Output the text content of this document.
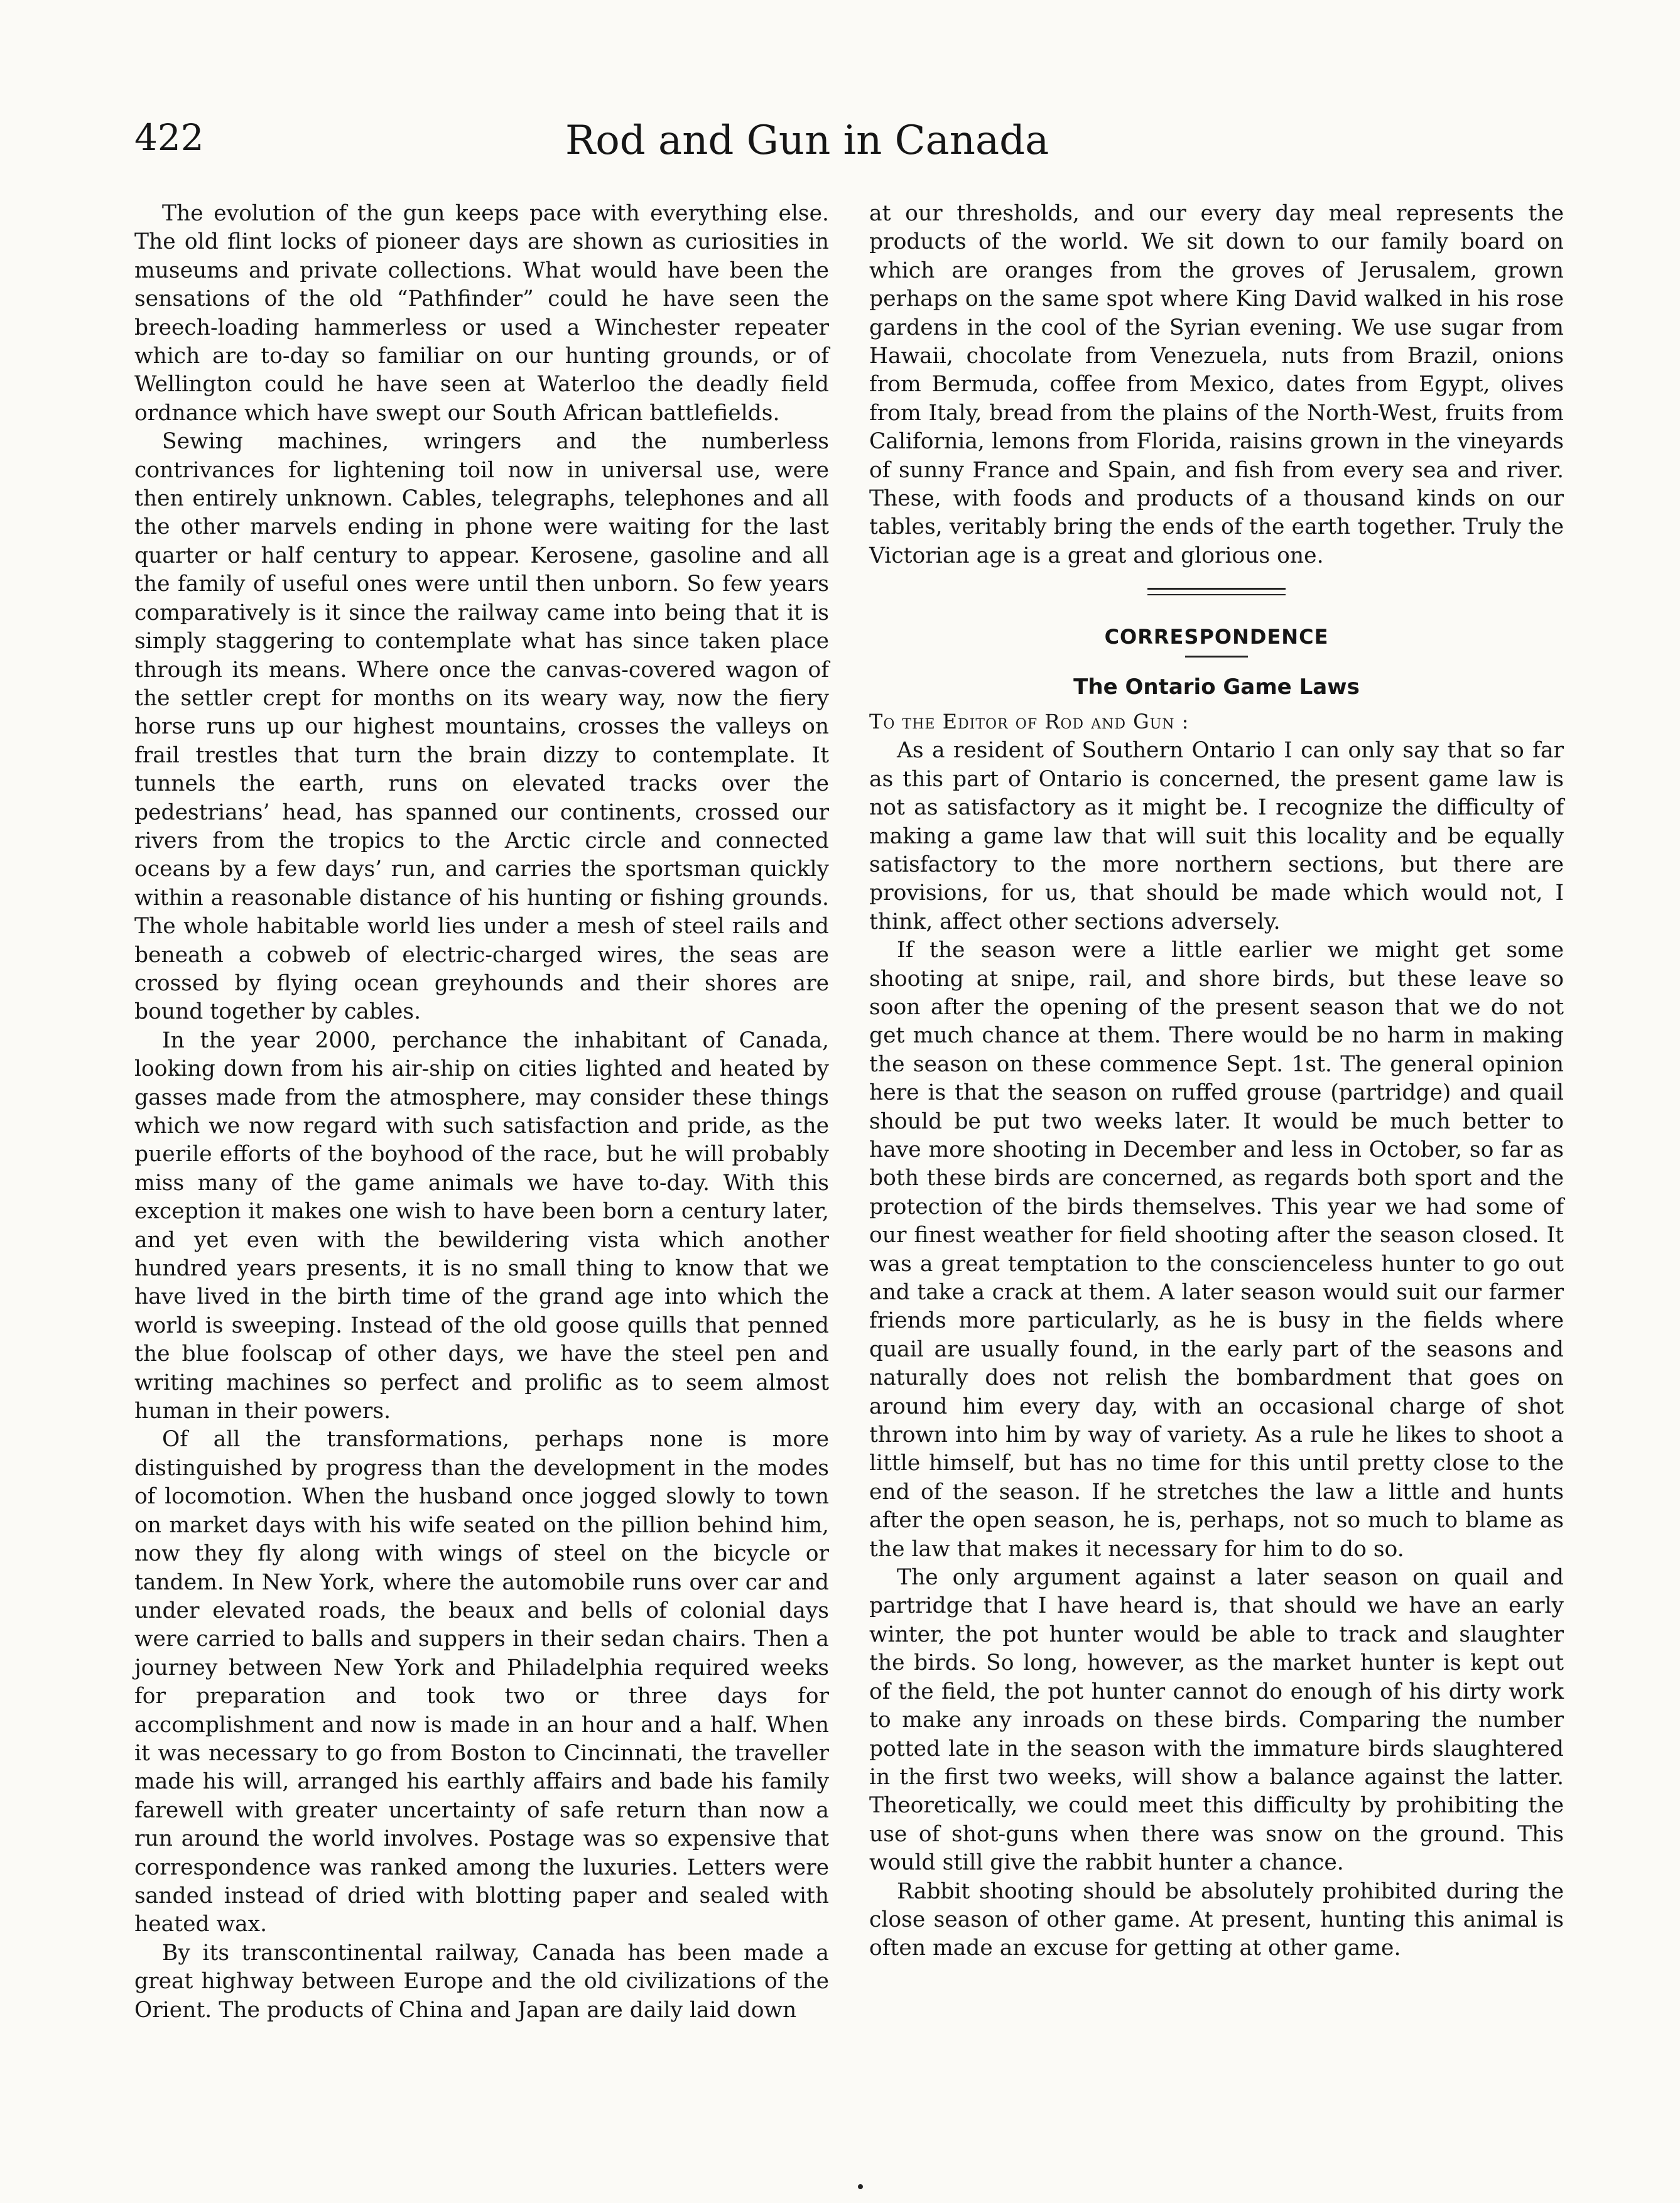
422	Rod and Gun in Canada

The evolution of the gun keeps pace with everything else. The old flint locks of pioneer days are shown as curiosities in museums and private collections. What would have been the sensations of the old “Pathfinder” could he have seen the breech-loading hammerless or used a Winchester repeater which are to-day so familiar on our hunting grounds, or of Wellington could he have seen at Waterloo the deadly field ordnance which have swept our South African battlefields.

Sewing machines, wringers and the numberless contrivances for lightening toil now in universal use, were then entirely unknown. Cables, telegraphs, telephones and all the other marvels ending in phone were waiting for the last quarter or half century to appear. Kerosene, gasoline and all the family of useful ones were until then unborn. So few years comparatively is it since the railway came into being that it is simply staggering to contemplate what has since taken place through its means. Where once the canvas-covered wagon of the settler crept for months on its weary way, now the fiery horse runs up our highest mountains, crosses the valleys on frail trestles that turn the brain dizzy to contemplate. It tunnels the earth, runs on elevated tracks over the pedestrians’ head, has spanned our continents, crossed our rivers from the tropics to the Arctic circle and connected oceans by a few days’ run, and carries the sportsman quickly within a reasonable distance of his hunting or fishing grounds. The whole habitable world lies under a mesh of steel rails and beneath a cobweb of electric-charged wires, the seas are crossed by flying ocean greyhounds and their shores are bound together by cables.

In the year 2000, perchance the inhabitant of Canada, looking down from his air-ship on cities lighted and heated by gasses made from the atmosphere, may consider these things which we now regard with such satisfaction and pride, as the puerile efforts of the boyhood of the race, but he will probably miss many of the game animals we have to-day. With this exception it makes one wish to have been born a century later, and yet even with the bewildering vista which another hundred years presents, it is no small thing to know that we have lived in the birth time of the grand age into which the world is sweeping. Instead of the old goose quills that penned the blue foolscap of other days, we have the steel pen and writing machines so perfect and prolific as to seem almost human in their powers.

Of all the transformations, perhaps none is more distinguished by progress than the development in the modes of locomotion. When the husband once jogged slowly to town on market days with his wife seated on the pillion behind him, now they fly along with wings of steel on the bicycle or tandem. In New York, where the automobile runs over car and under elevated roads, the beaux and bells of colonial days were carried to balls and suppers in their sedan chairs. Then a journey between New York and Philadelphia required weeks for preparation and took two or three days for accomplishment and now is made in an hour and a half. When it was necessary to go from Boston to Cincinnati, the traveller made his will, arranged his earthly affairs and bade his family farewell with greater uncertainty of safe return than now a run around the world involves. Postage was so expensive that correspondence was ranked among the luxuries. Letters were sanded instead of dried with blotting paper and sealed with heated wax.

By its transcontinental railway, Canada has been made a great highway between Europe and the old civilizations of the Orient. The products of China and Japan are daily laid down

at our thresholds, and our every day meal represents the products of the world. We sit down to our family board on which are oranges from the groves of Jerusalem, grown perhaps on the same spot where King David walked in his rose gardens in the cool of the Syrian evening. We use sugar from Hawaii, chocolate from Venezuela, nuts from Brazil, onions from Bermuda, coffee from Mexico, dates from Egypt, olives from Italy, bread from the plains of the North-West, fruits from California, lemons from Florida, raisins grown in the vineyards of sunny France and Spain, and fish from every sea and river. These, with foods and products of a thousand kinds on our tables, veritably bring the ends of the earth together. Truly the Victorian age is a great and glorious one.

CORRESPONDENCE
The Ontario Game Laws
To the Editor of Rod and Gun :

As a resident of Southern Ontario I can only say that so far as this part of Ontario is concerned, the present game law is not as satisfactory as it might be. I recognize the difficulty of making a game law that will suit this locality and be equally satisfactory to the more northern sections, but there are provisions, for us, that should be made which would not, I think, affect other sections adversely.

If the season were a little earlier we might get some shooting at snipe, rail, and shore birds, but these leave so soon after the opening of the present season that we do not get much chance at them. There would be no harm in making the season on these commence Sept. 1st. The general opinion here is that the season on ruffed grouse (partridge) and quail should be put two weeks later. It would be much better to have more shooting in December and less in October, so far as both these birds are concerned, as regards both sport and the protection of the birds themselves. This year we had some of our finest weather for field shooting after the season closed. It was a great temptation to the conscienceless hunter to go out and take a crack at them. A later season would suit our farmer friends more particularly, as he is busy in the fields where quail are usually found, in the early part of the seasons and naturally does not relish the bombardment that goes on around him every day, with an occasional charge of shot thrown into him by way of variety. As a rule he likes to shoot a little himself, but has no time for this until pretty close to the end of the season. If he stretches the law a little and hunts after the open season, he is, perhaps, not so much to blame as the law that makes it necessary for him to do so.

The only argument against a later season on quail and partridge that I have heard is, that should we have an early winter, the pot hunter would be able to track and slaughter the birds. So long, however, as the market hunter is kept out of the field, the pot hunter cannot do enough of his dirty work to make any inroads on these birds. Comparing the number potted late in the season with the immature birds slaughtered in the first two weeks, will show a balance against the latter. Theoretically, we could meet this difficulty by prohibiting the use of shot-guns when there was snow on the ground. This would still give the rabbit hunter a chance.

Rabbit shooting should be absolutely prohibited during the close season of other game. At present, hunting this animal is often made an excuse for getting at other game.
